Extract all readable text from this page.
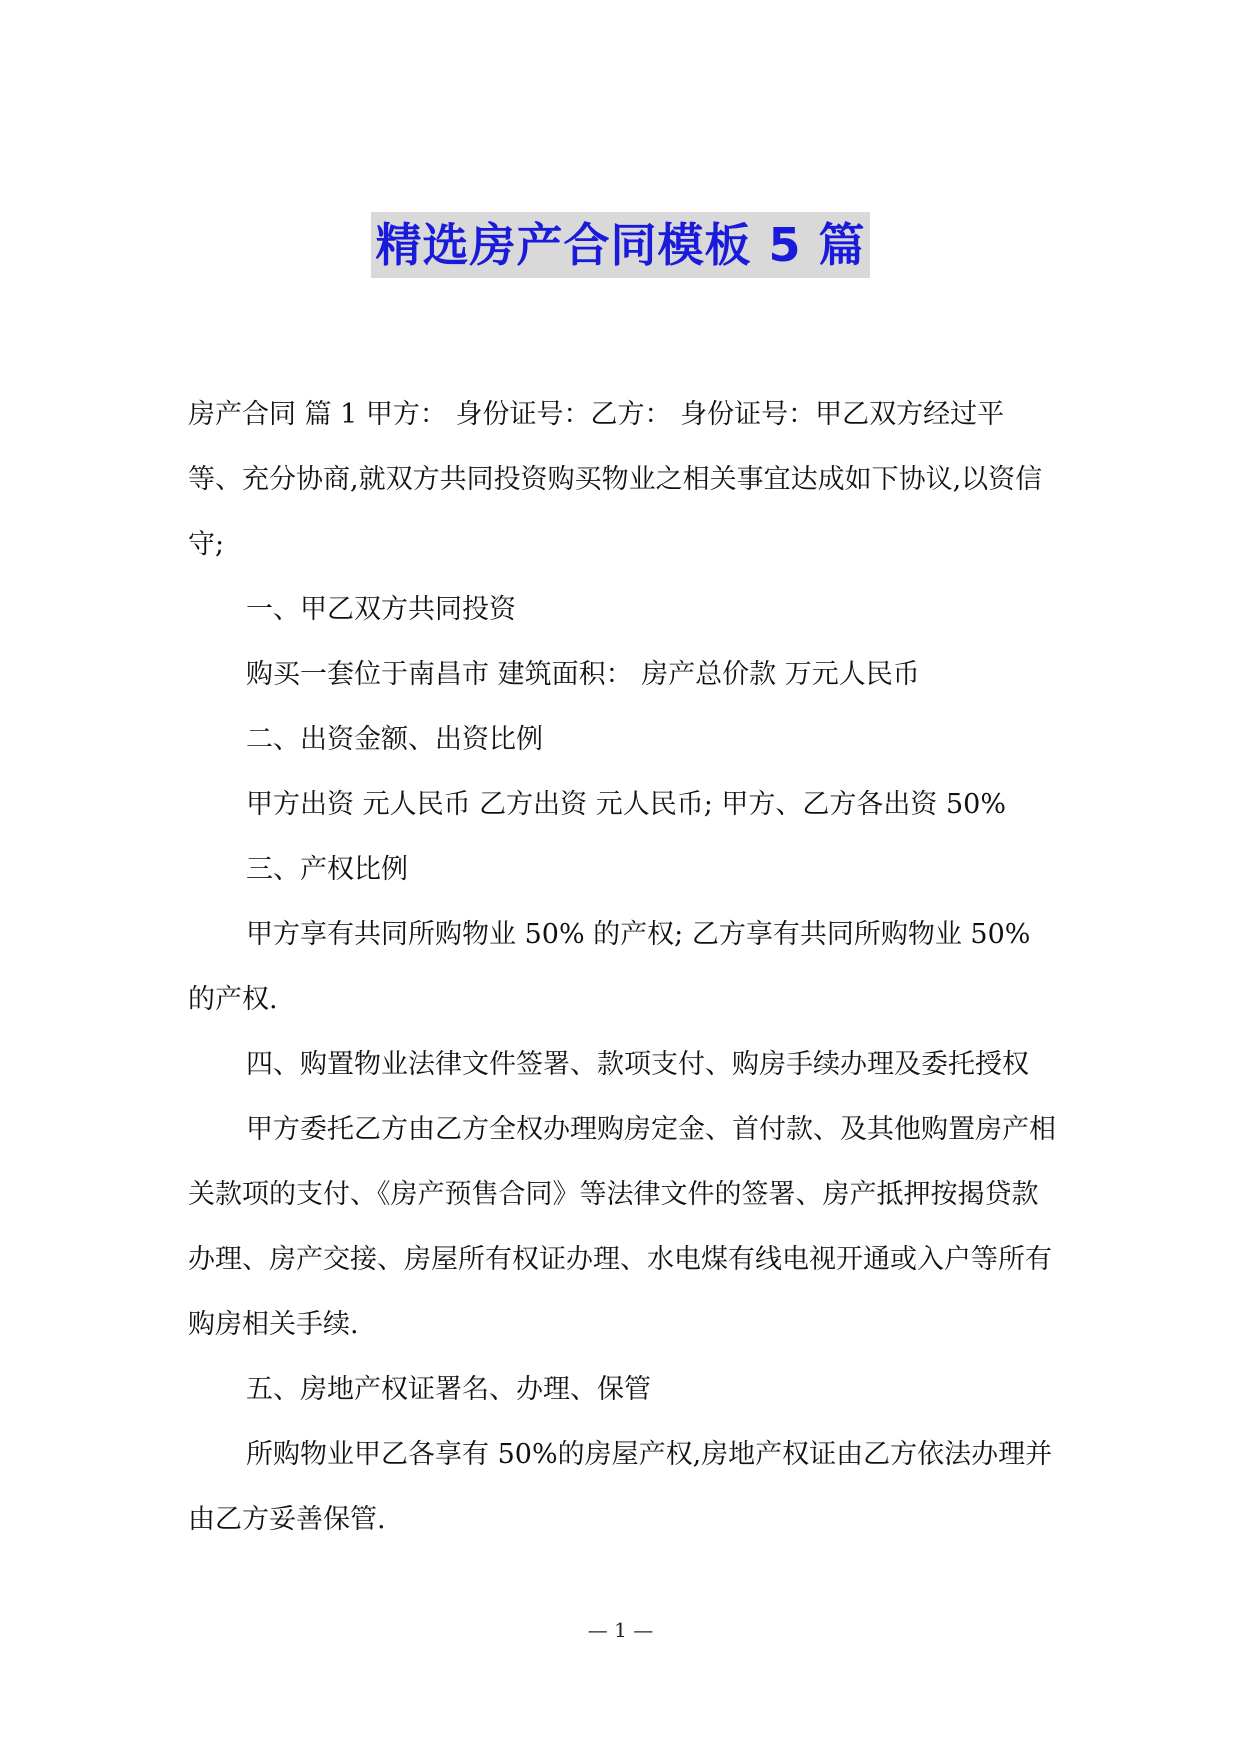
精选房产合同模板 5 篇

房产合同 篇 1 甲方： 身份证号：乙方： 身份证号：甲乙双方经过平等、充分协商,就双方共同投资购买物业之相关事宜达成如下协议,以资信守;

一、甲乙双方共同投资

购买一套位于南昌市 建筑面积： 房产总价款 万元人民币

二、出资金额、出资比例

甲方出资 元人民币 乙方出资 元人民币; 甲方、乙方各出资 50%

三、产权比例

甲方享有共同所购物业 50% 的产权; 乙方享有共同所购物业 50% 的产权.

四、购置物业法律文件签署、款项支付、购房手续办理及委托授权

甲方委托乙方由乙方全权办理购房定金、首付款、及其他购置房产相关款项的支付、《房产预售合同》等法律文件的签署、房产抵押按揭贷款办理、房产交接、房屋所有权证办理、水电煤有线电视开通或入户等所有购房相关手续.

五、房地产权证署名、办理、保管

所购物业甲乙各享有 50%的房屋产权,房地产权证由乙方依法办理并由乙方妥善保管.

— 1 —
